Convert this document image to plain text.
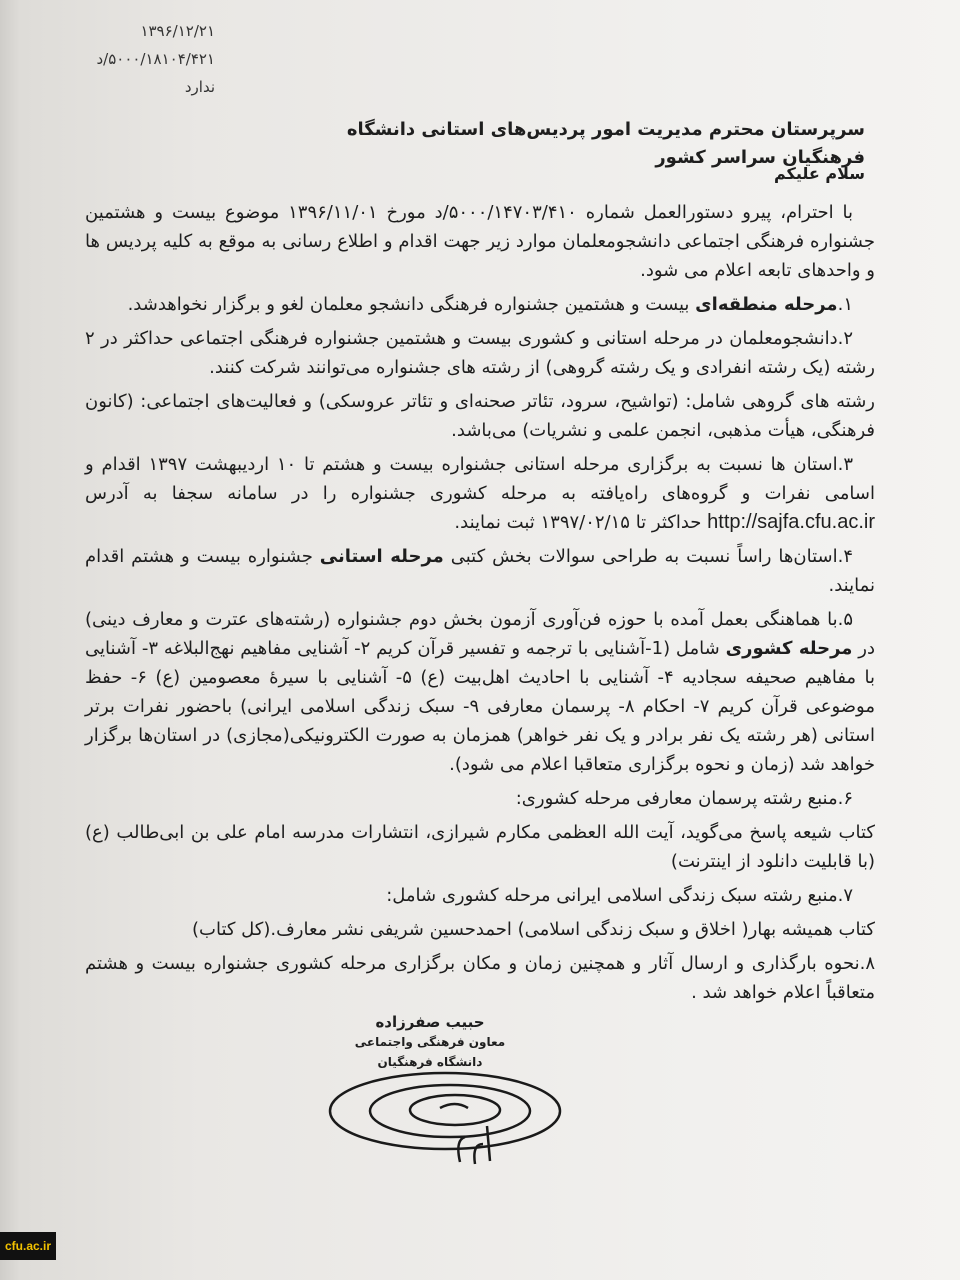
۱۳۹۶/۱۲/۲۱
۵۰۰۰/۱۸۱۰۴/۴۲۱/د
ندارد
سرپرستان محترم مدیریت امور پردیس‌های استانی دانشگاه فرهنگیان سراسر کشور
سلام علیکم

با احترام، پیرو دستورالعمل شماره ۵۰۰۰/۱۴۷۰۳/۴۱۰/د مورخ ۱۳۹۶/۱۱/۰۱ موضوع بیست و هشتمین جشنواره فرهنگی اجتماعی دانشجومعلمان موارد زیر جهت اقدام و اطلاع رسانی به موقع به کلیه پردیس ها و واحدهای تابعه اعلام می شود.

۱.مرحله منطقه‌ای بیست و هشتمین جشنواره فرهنگی دانشجو معلمان لغو و برگزار نخواهدشد.

۲.دانشجومعلمان در مرحله استانی و کشوری بیست و هشتمین جشنواره فرهنگی اجتماعی حداکثر در ۲ رشته (یک رشته انفرادی و یک رشته گروهی) از رشته های جشنواره می‌توانند شرکت کنند.

رشته های گروهی شامل: (تواشیح، سرود، تئاتر صحنه‌ای و تئاتر عروسکی) و فعالیت‌های اجتماعی: (کانون فرهنگی، هیأت مذهبی، انجمن علمی و نشریات) می‌باشد.

۳.استان ها نسبت به برگزاری مرحله استانی جشنواره بیست و هشتم تا ۱۰ اردیبهشت ۱۳۹۷ اقدام و اسامی نفرات و گروه‌های راه‌یافته به مرحله کشوری جشنواره را در سامانه سجفا به آدرس http://sajfa.cfu.ac.ir حداکثر تا ۱۳۹۷/۰۲/۱۵ ثبت نمایند.

۴.استان‌ها راساً نسبت به طراحی سوالات بخش کتبی مرحله استانی جشنواره بیست و هشتم اقدام نمایند.

۵.با هماهنگی بعمل آمده با حوزه فن‌آوری آزمون بخش دوم جشنواره (رشته‌های عترت و معارف دینی) در مرحله کشوری شامل (1-آشنایی با ترجمه و تفسیر قرآن کریم ۲- آشنایی مفاهیم نهج‌البلاغه ۳- آشنایی با مفاهیم صحیفه سجادیه ۴- آشنایی با احادیث اهل‌بیت (ع) ۵- آشنایی با سیرهٔ معصومین (ع) ۶- حفظ موضوعی قرآن کریم ۷- احکام ۸- پرسمان معارفی ۹- سبک زندگی اسلامی ایرانی) باحضور نفرات برتر استانی (هر رشته یک نفر برادر و یک نفر خواهر) همزمان به صورت الکترونیکی(مجازی) در استان‌ها برگزار خواهد شد (زمان و نحوه برگزاری متعاقبا اعلام می شود).

۶.منبع رشته پرسمان معارفی مرحله کشوری:

کتاب شیعه پاسخ می‌گوید، آیت الله العظمی مکارم شیرازی، انتشارات مدرسه امام علی بن ابی‌طالب (ع) (با قابلیت دانلود از اینترنت)

۷.منبع رشته سبک زندگی اسلامی ایرانی مرحله کشوری شامل:

کتاب همیشه بهار( اخلاق و سبک زندگی اسلامی) احمدحسین شریفی نشر معارف.(کل کتاب)

۸.نحوه بارگذاری و ارسال آثار و همچنین زمان و مکان برگزاری مرحله کشوری جشنواره بیست و هشتم متعاقباً اعلام خواهد شد .

حبیب صفرزاده
معاون فرهنگی واجتماعی
دانشگاه فرهنگیان
cfu.ac.ir
